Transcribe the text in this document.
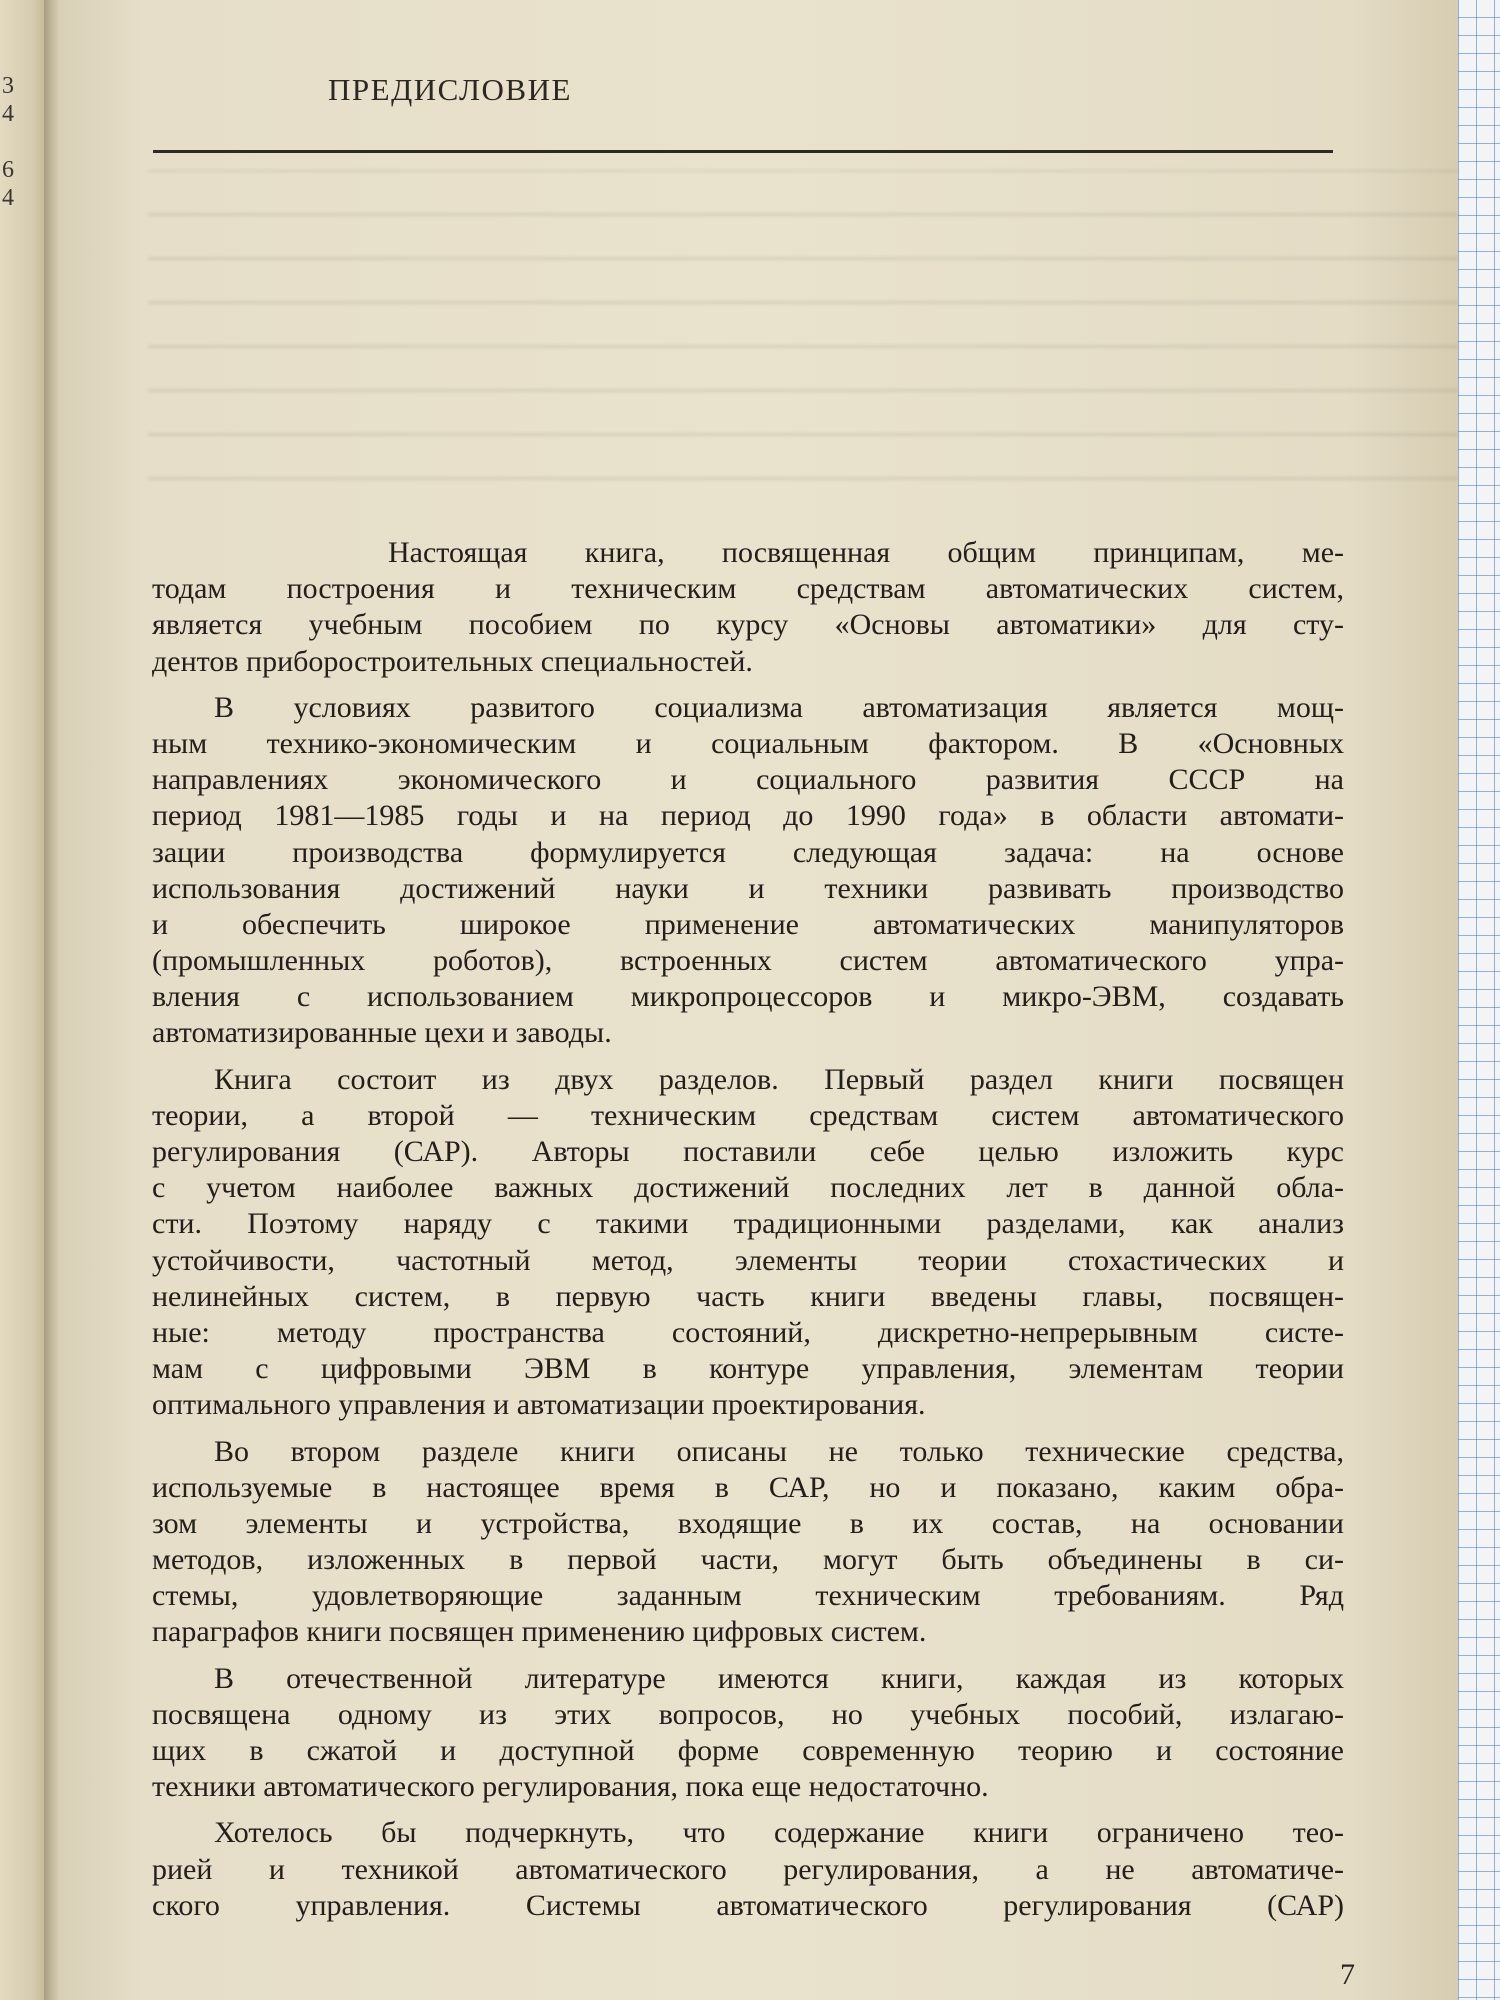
3
4

6
4
ПРЕДИСЛОВИЕ
Настоящая книга, посвященная общим принципам, ме-
тодам построения и техническим средствам автоматических систем,
является учебным пособием по курсу «Основы автоматики» для сту-
дентов приборостроительных специальностей.
В условиях развитого социализма автоматизация является мощ-
ным технико-экономическим и социальным фактором. В «Основных
направлениях экономического и социального развития СССР на
период 1981—1985 годы и на период до 1990 года» в области автомати-
зации производства формулируется следующая задача: на основе
использования достижений науки и техники развивать производство
и обеспечить широкое применение автоматических манипуляторов
(промышленных роботов), встроенных систем автоматического упра-
вления с использованием микропроцессоров и микро-ЭВМ, создавать
автоматизированные цехи и заводы.
Книга состоит из двух разделов. Первый раздел книги посвящен
теории, а второй — техническим средствам систем автоматического
регулирования (САР). Авторы поставили себе целью изложить курс
с учетом наиболее важных достижений последних лет в данной обла-
сти. Поэтому наряду с такими традиционными разделами, как анализ
устойчивости, частотный метод, элементы теории стохастических и
нелинейных систем, в первую часть книги введены главы, посвящен-
ные: методу пространства состояний, дискретно-непрерывным систе-
мам с цифровыми ЭВМ в контуре управления, элементам теории
оптимального управления и автоматизации проектирования.
Во втором разделе книги описаны не только технические средства,
используемые в настоящее время в САР, но и показано, каким обра-
зом элементы и устройства, входящие в их состав, на основании
методов, изложенных в первой части, могут быть объединены в си-
стемы, удовлетворяющие заданным техническим требованиям. Ряд
параграфов книги посвящен применению цифровых систем.
В отечественной литературе имеются книги, каждая из которых
посвящена одному из этих вопросов, но учебных пособий, излагаю-
щих в сжатой и доступной форме современную теорию и состояние
техники автоматического регулирования, пока еще недостаточно.
Хотелось бы подчеркнуть, что содержание книги ограничено тео-
рией и техникой автоматического регулирования, а не автоматиче-
ского управления. Системы автоматического регулирования (САР)
7
